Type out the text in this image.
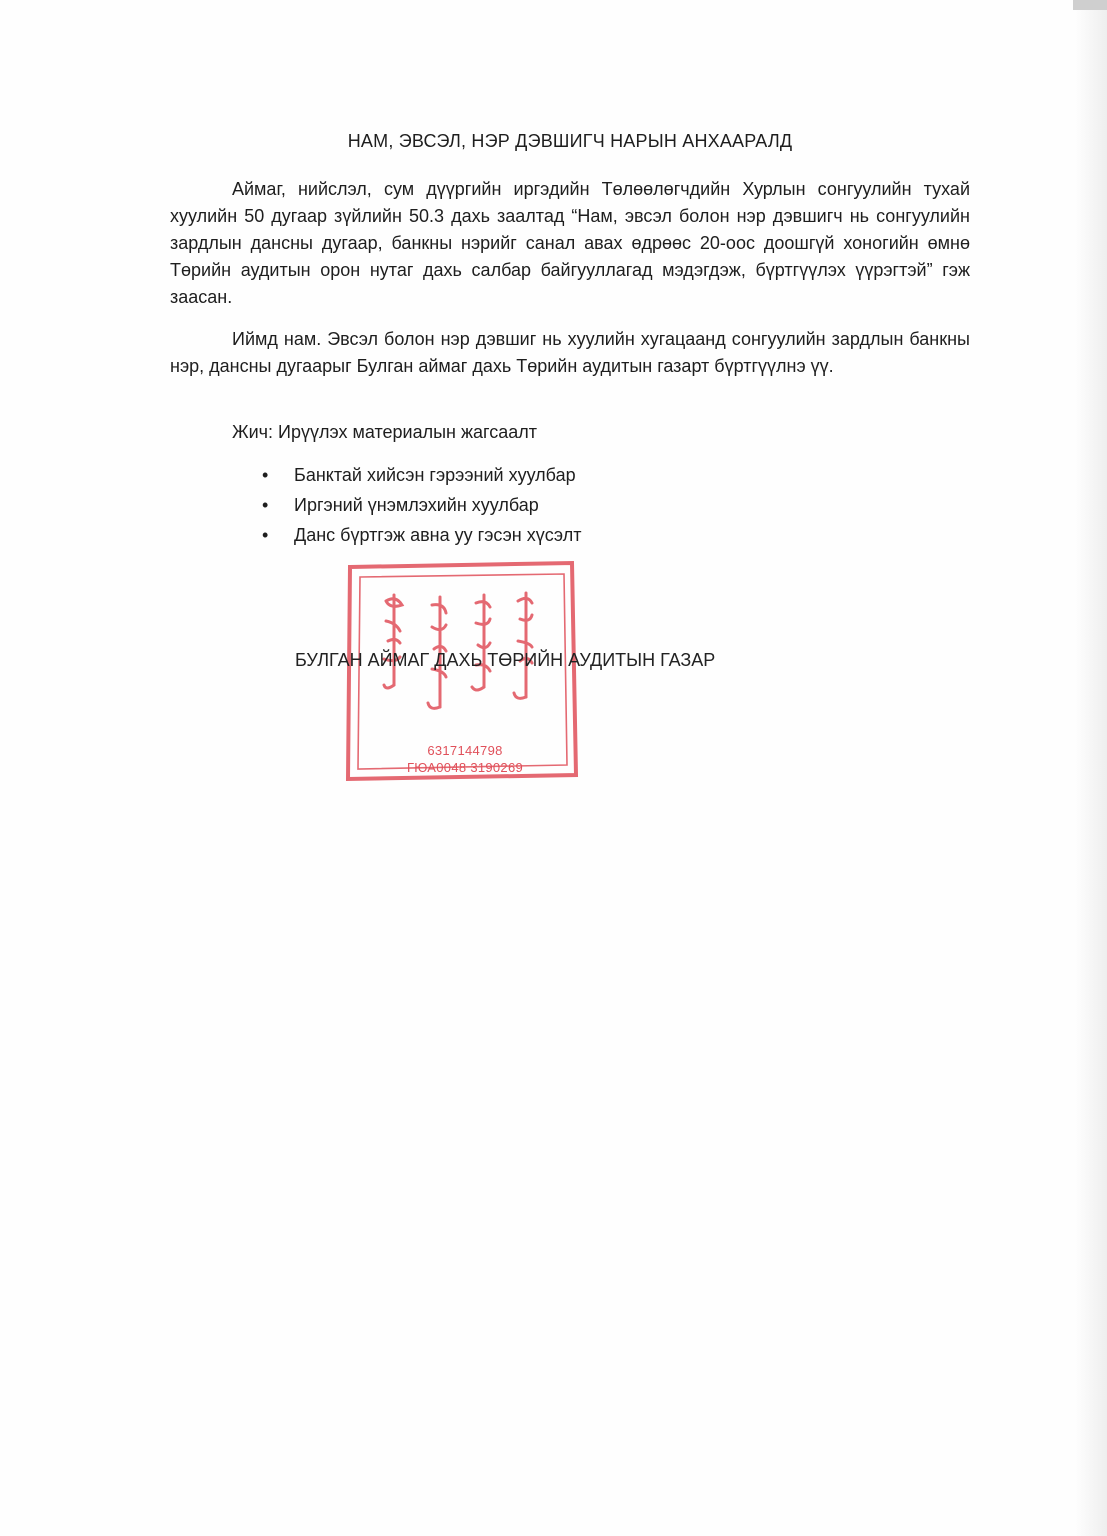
НАМ, ЭВСЭЛ, НЭР ДЭВШИГЧ НАРЫН АНХААРАЛД

Аймаг, нийслэл, сум дүүргийн иргэдийн Төлөөлөгчдийн Хурлын сонгуулийн тухай хуулийн 50 дугаар зүйлийн 50.3 дахь заалтад “Нам, эвсэл болон нэр дэвшигч нь сонгуулийн зардлын дансны дугаар, банкны нэрийг санал авах өдрөөс 20-оос доошгүй хоногийн өмнө Төрийн аудитын орон нутаг дахь салбар байгууллагад мэдэгдэж, бүртгүүлэх үүрэгтэй” гэж заасан.

Иймд нам. Эвсэл болон нэр дэвшиг нь хуулийн хугацаанд сонгуулийн зардлын банкны нэр, дансны дугаарыг Булган аймаг дахь Төрийн аудитын газарт бүртгүүлнэ үү.

Жич: Ирүүлэх материалын жагсаалт
• Банктай хийсэн гэрээний хуулбар
• Иргэний үнэмлэхийн хуулбар
• Данс бүртгэж авна уу гэсэн хүсэлт
6317144798
ГЮА0048 3190269
БУЛГАН АЙМАГ ДАХЬ ТӨРИЙН АУДИТЫН ГАЗАР
